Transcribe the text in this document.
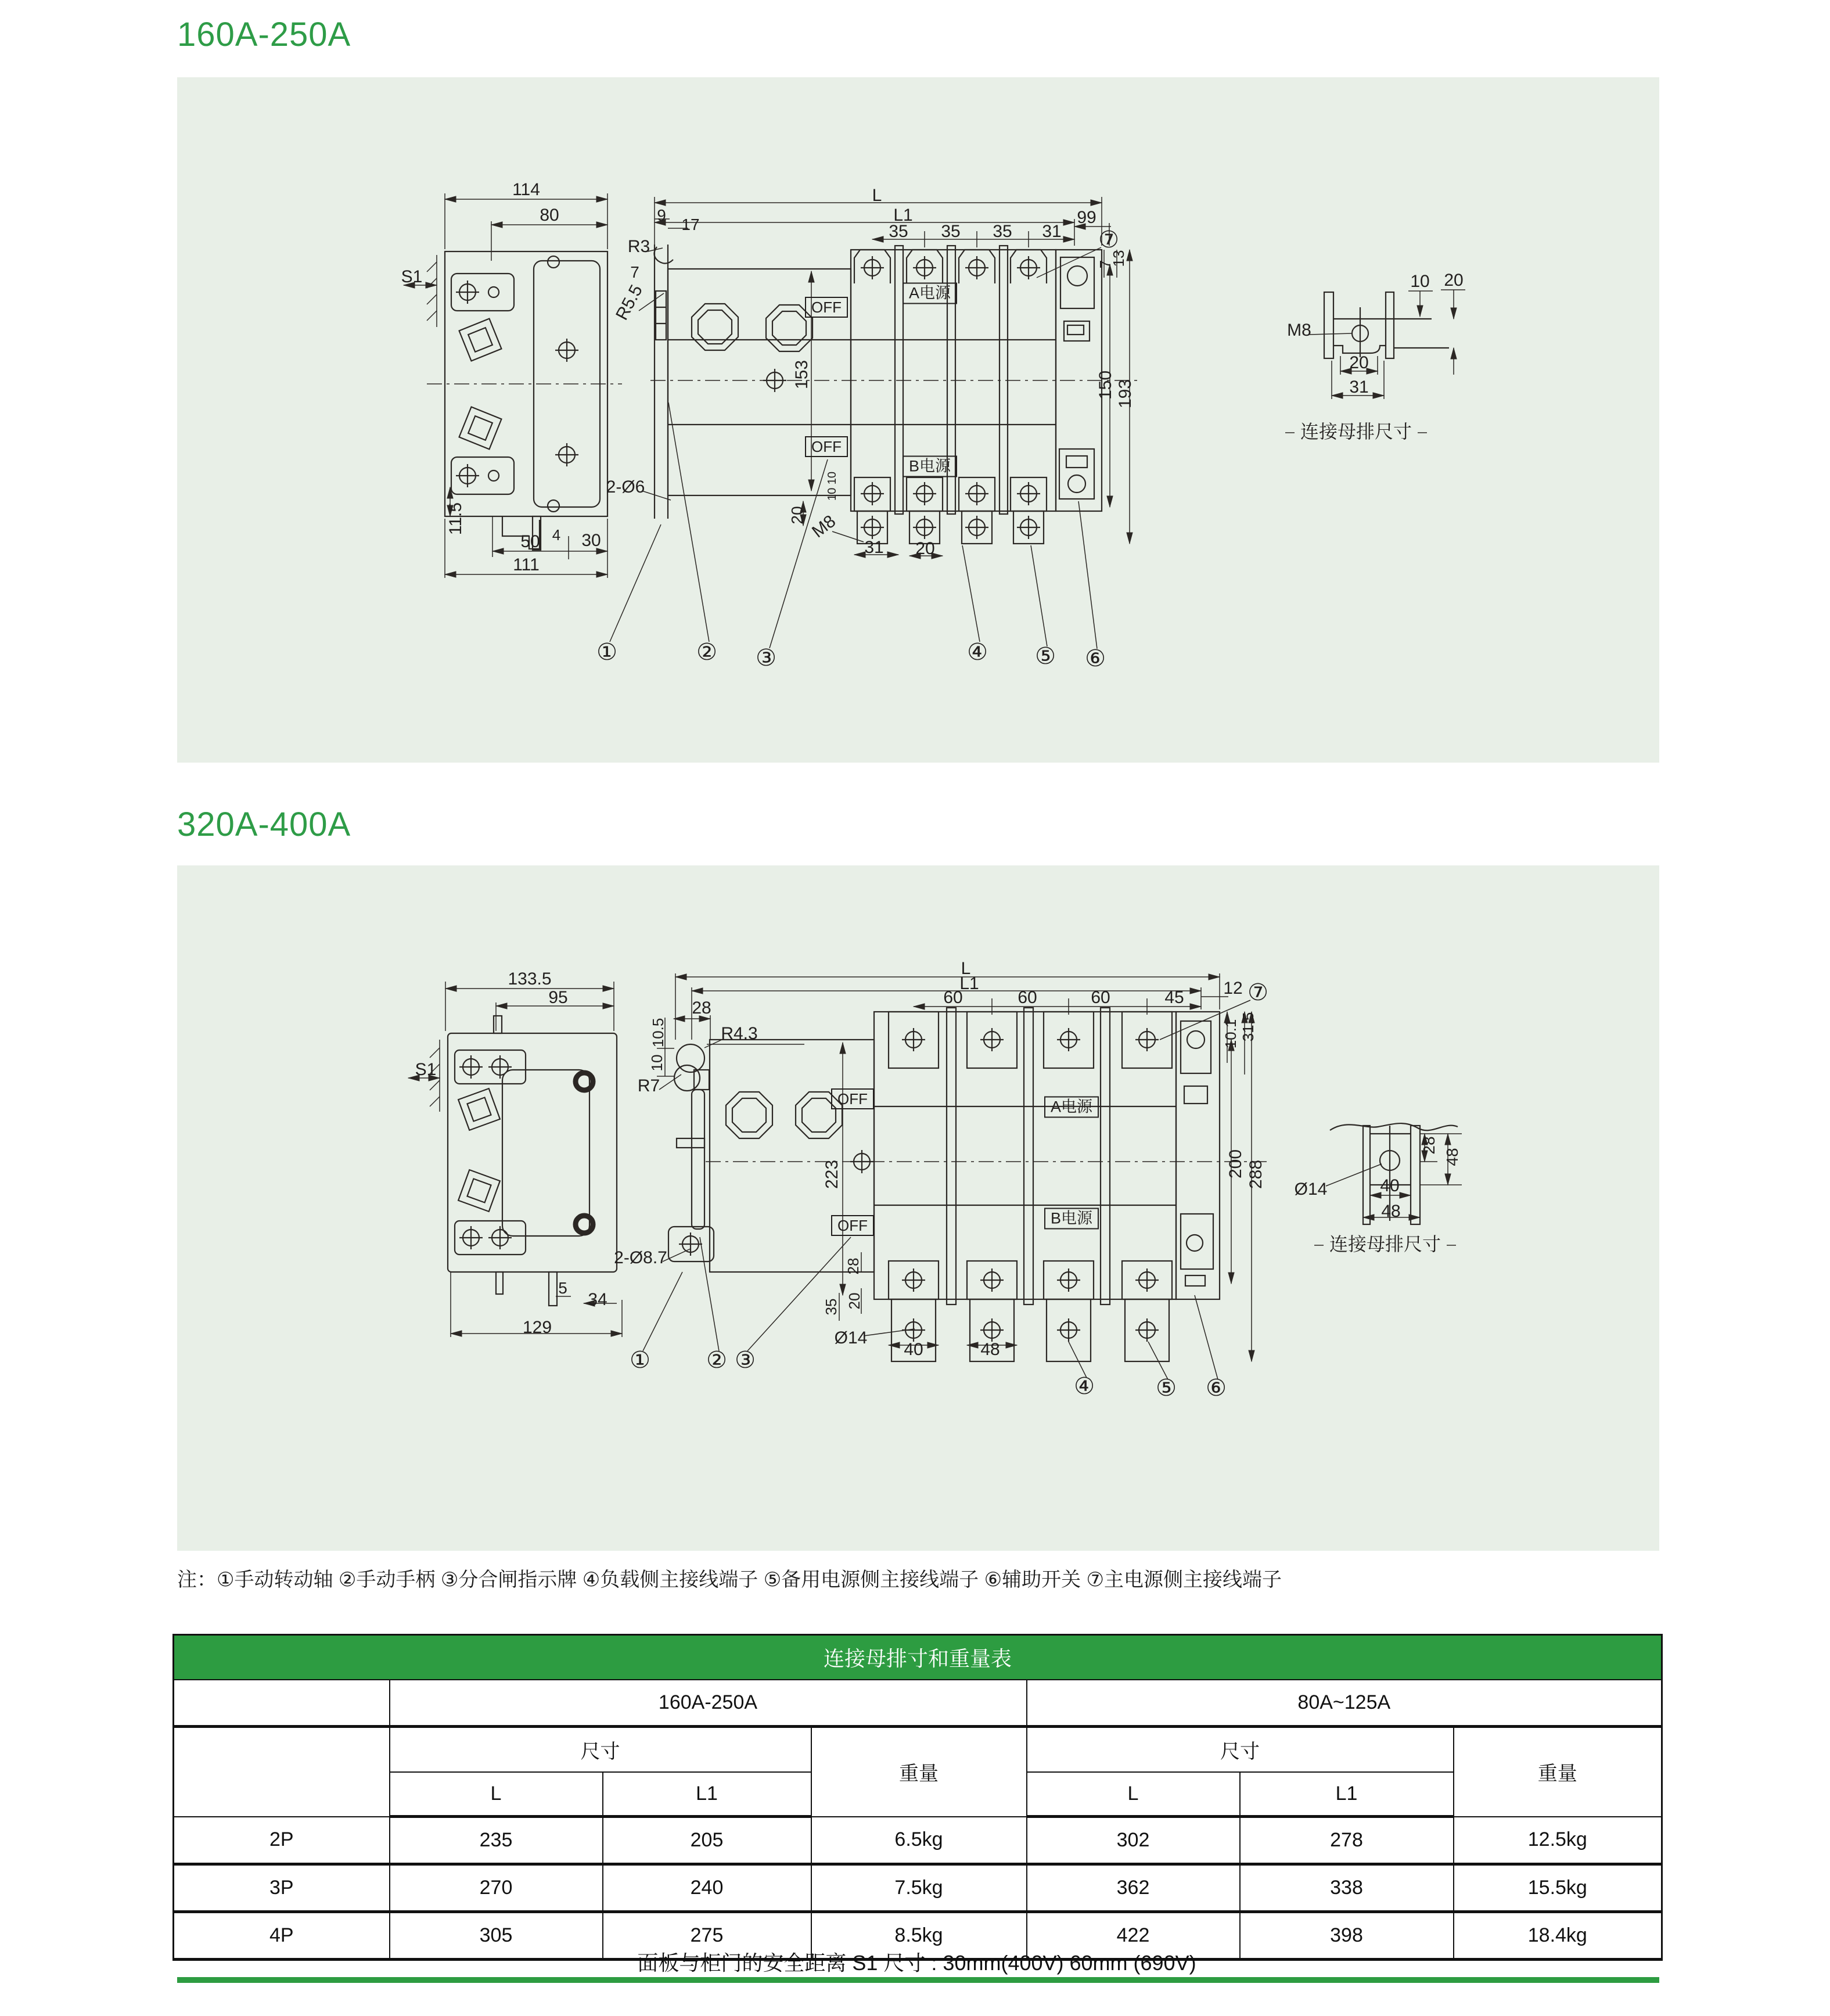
160A-250A
114
80
S1
11.5
50 4 30
111
9
17
R3
7
R5.5
2-Ø6
153
20
10 10
M8
31 20
L
L1
35 35 35 31
99
⑦
7
13
150 193
OFF
OFF
A电源
B电源
①	② ③	④ ⑤ ⑥
10 20
M8
20
31
连接母排尺寸
320A-400A
133.5
95
S1
5
34
129
28
10.5
10
R4.3
R7
2-Ø8.7
L
L1
60	60	60	45 12 ⑦
10.1 31.5
OFF
OFF
A电源
B电源
223	200 288
28
20
35
Ø14
40	48
① ② ③
④	⑤ ⑥
28
48
Ø14	40
48
连接母排尺寸
注：①手动转动轴 ②手动手柄 ③分合闸指示牌 ④负载侧主接线端子 ⑤备用电源侧主接线端子 ⑥辅助开关 ⑦主电源侧主接线端子
连接母排寸和重量表						
	160A-250A			80A~125A		
	尺寸		重量	尺寸		重量
	L	L1		L	L1	
2P	235	205	6.5kg	302	278	12.5kg
3P	270	240	7.5kg	362	338	15.5kg
4P	305	275	8.5kg	422	398	18.4kg
面板与柜门的安全距离 S1 尺寸 : 30mm(400V) 60mm (690V)
